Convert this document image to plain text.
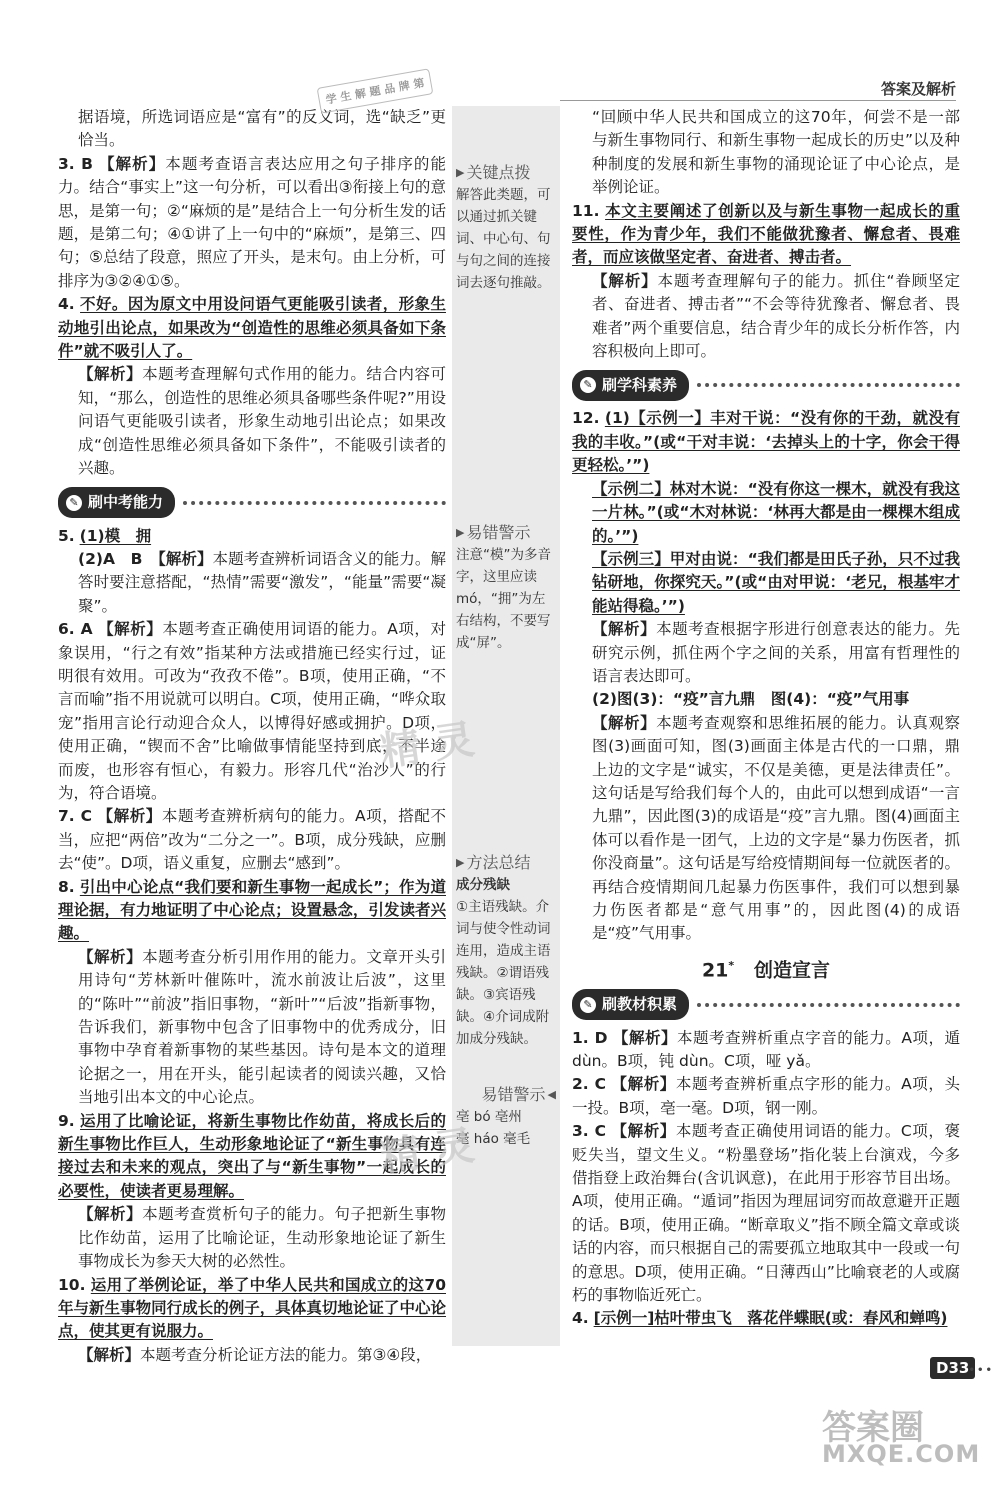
答案及解析

据语境，所选词语应是“富有”的反义词，选“缺乏”更恰当。

3. B 【解析】本题考查语言表达应用之句子排序的能力。结合“事实上”这一句分析，可以看出③衔接上句的意思，是第一句；②“麻烦的是”是结合上一句分析生发的话题，是第二句；④①讲了上一句中的“麻烦”，是第三、四句；⑤总结了段意，照应了开头，是末句。由上分析，可排序为③②④①⑤。

4. 不好。因为原文中用设问语气更能吸引读者，形象生动地引出论点，如果改为“创造性的思维必须具备如下条件”就不吸引人了。

【解析】本题考查理解句式作用的能力。结合内容可知，“那么，创造性的思维必须具备哪些条件呢?”用设问语气更能吸引读者，形象生动地引出论点；如果改成“创造性思维必须具备如下条件”，不能吸引读者的兴趣。

✎ 刷中考能力

5. (1)模　拥

(2)A　B　【解析】本题考查辨析词语含义的能力。解答时要注意搭配，“热情”需要“激发”，“能量”需要“凝聚”。

6. A 【解析】本题考查正确使用词语的能力。A项，对象误用，“行之有效”指某种方法或措施已经实行过，证明很有效用。可改为“孜孜不倦”。B项，使用正确，“不言而喻”指不用说就可以明白。C项，使用正确，“哗众取宠”指用言论行动迎合众人，以博得好感或拥护。D项，使用正确，“锲而不舍”比喻做事情能坚持到底，不半途而废，也形容有恒心，有毅力。形容几代“治沙人”的行为，符合语境。

7. C 【解析】本题考查辨析病句的能力。A项，搭配不当，应把“两倍”改为“二分之一”。B项，成分残缺，应删去“使”。D项，语义重复，应删去“感到”。

8. 引出中心论点“我们要和新生事物一起成长”；作为道理论据，有力地证明了中心论点；设置悬念，引发读者兴趣。

【解析】本题考查分析引用作用的能力。文章开头引用诗句“芳林新叶催陈叶，流水前波让后波”，这里的“陈叶”“前波”指旧事物，“新叶”“后波”指新事物，告诉我们，新事物中包含了旧事物中的优秀成分，旧事物中孕育着新事物的某些基因。诗句是本文的道理论据之一，用在开头，能引起读者的阅读兴趣，又恰当地引出本文的中心论点。

9. 运用了比喻论证，将新生事物比作幼苗，将成长后的新生事物比作巨人，生动形象地论证了“新生事物具有连接过去和未来的观点，突出了与“新生事物”一起成长的必要性，使读者更易理解。

【解析】本题考查赏析句子的能力。句子把新生事物比作幼苗，运用了比喻论证，生动形象地论证了新生事物成长为参天大树的必然性。

10. 运用了举例论证，举了中华人民共和国成立的这70年与新生事物同行成长的例子，具体真切地论证了中心论点，使其更有说服力。

【解析】本题考查分析论证方法的能力。第③④段，

▶ 关键点拨
解答此类题，可以通过抓关键词、中心句、句与句之间的连接词去逐句推敲。
▶ 易错警示
注意“模”为多音字，这里应读mó，“拥”为左右结构，不要写成“屏”。
▶ 方法总结
成分残缺
①主语残缺。介词与使令性动词连用，造成主语残缺。②谓语残缺。③宾语残缺。④介词成附加成分残缺。
易错警示 ◀
亳 bó 亳州
毫 háo 毫毛

“回顾中华人民共和国成立的这70年，何尝不是一部与新生事物同行、和新生事物一起成长的历史”以及种种制度的发展和新生事物的涌现论证了中心论点，是举例论证。

11. 本文主要阐述了创新以及与新生事物一起成长的重要性，作为青少年，我们不能做犹豫者、懈怠者、畏难者，而应该做坚定者、奋进者、搏击者。

【解析】本题考查理解句子的能力。抓住“眷顾坚定者、奋进者、搏击者”“不会等待犹豫者、懈怠者、畏难者”两个重要信息，结合青少年的成长分析作答，内容积极向上即可。

✎ 刷学科素养

12. (1)【示例一】丰对干说：“没有你的干劲，就没有我的丰收。”(或“干对丰说：‘去掉头上的十字，你会干得更轻松。’”)

【示例二】林对木说：“没有你这一棵木，就没有我这一片林。”(或“木对林说：‘林再大都是由一棵棵木组成的。’”)

【示例三】甲对由说：“我们都是田氏子孙，只不过我钻研地，你探究天。”(或“由对甲说：‘老兄，根基牢才能站得稳。’”)

【解析】本题考查根据字形进行创意表达的能力。先研究示例，抓住两个字之间的关系，用富有哲理性的语言表达即可。

(2)图(3)：“疫”言九鼎　图(4)：“疫”气用事

【解析】本题考查观察和思维拓展的能力。认真观察图(3)画面可知，图(3)画面主体是古代的一口鼎，鼎上边的文字是“诚实，不仅是美德，更是法律责任”。这句话是写给我们每个人的，由此可以想到成语“一言九鼎”，因此图(3)的成语是“疫”言九鼎。图(4)画面主体可以看作是一团气，上边的文字是“暴力伤医者，抓你没商量”。这句话是写给疫情期间每一位就医者的。再结合疫情期间几起暴力伤医事件，我们可以想到暴力伤医者都是“意气用事”的，因此图(4)的成语是“疫”气用事。

21* 创造宣言
✎ 刷教材积累

1. D 【解析】本题考查辨析重点字音的能力。A项，遁 dùn。B项，钝 dùn。C项，哑 yǎ。

2. C 【解析】本题考查辨析重点字形的能力。A项，头一投。B项，亳一毫。D项，钢一刚。

3. C 【解析】本题考查正确使用词语的能力。C项，褒贬失当，望文生义。“粉墨登场”指化装上台演戏，今多借指登上政治舞台(含讥讽意)，在此用于形容节目出场。A项，使用正确。“遁词”指因为理屈词穷而故意避开正题的话。B项，使用正确。“断章取义”指不顾全篇文章或谈话的内容，而只根据自己的需要孤立地取其中一段或一句的意思。D项，使用正确。“日薄西山”比喻衰老的人或腐朽的事物临近死亡。

4. [示例一]枯叶带虫飞　落花伴蝶眠(或：春风和蝉鸣)

D33
∙∙∙
学 生 解 题 品 牌 第
精 灵
精 灵
答案圈
MXQE.COM
